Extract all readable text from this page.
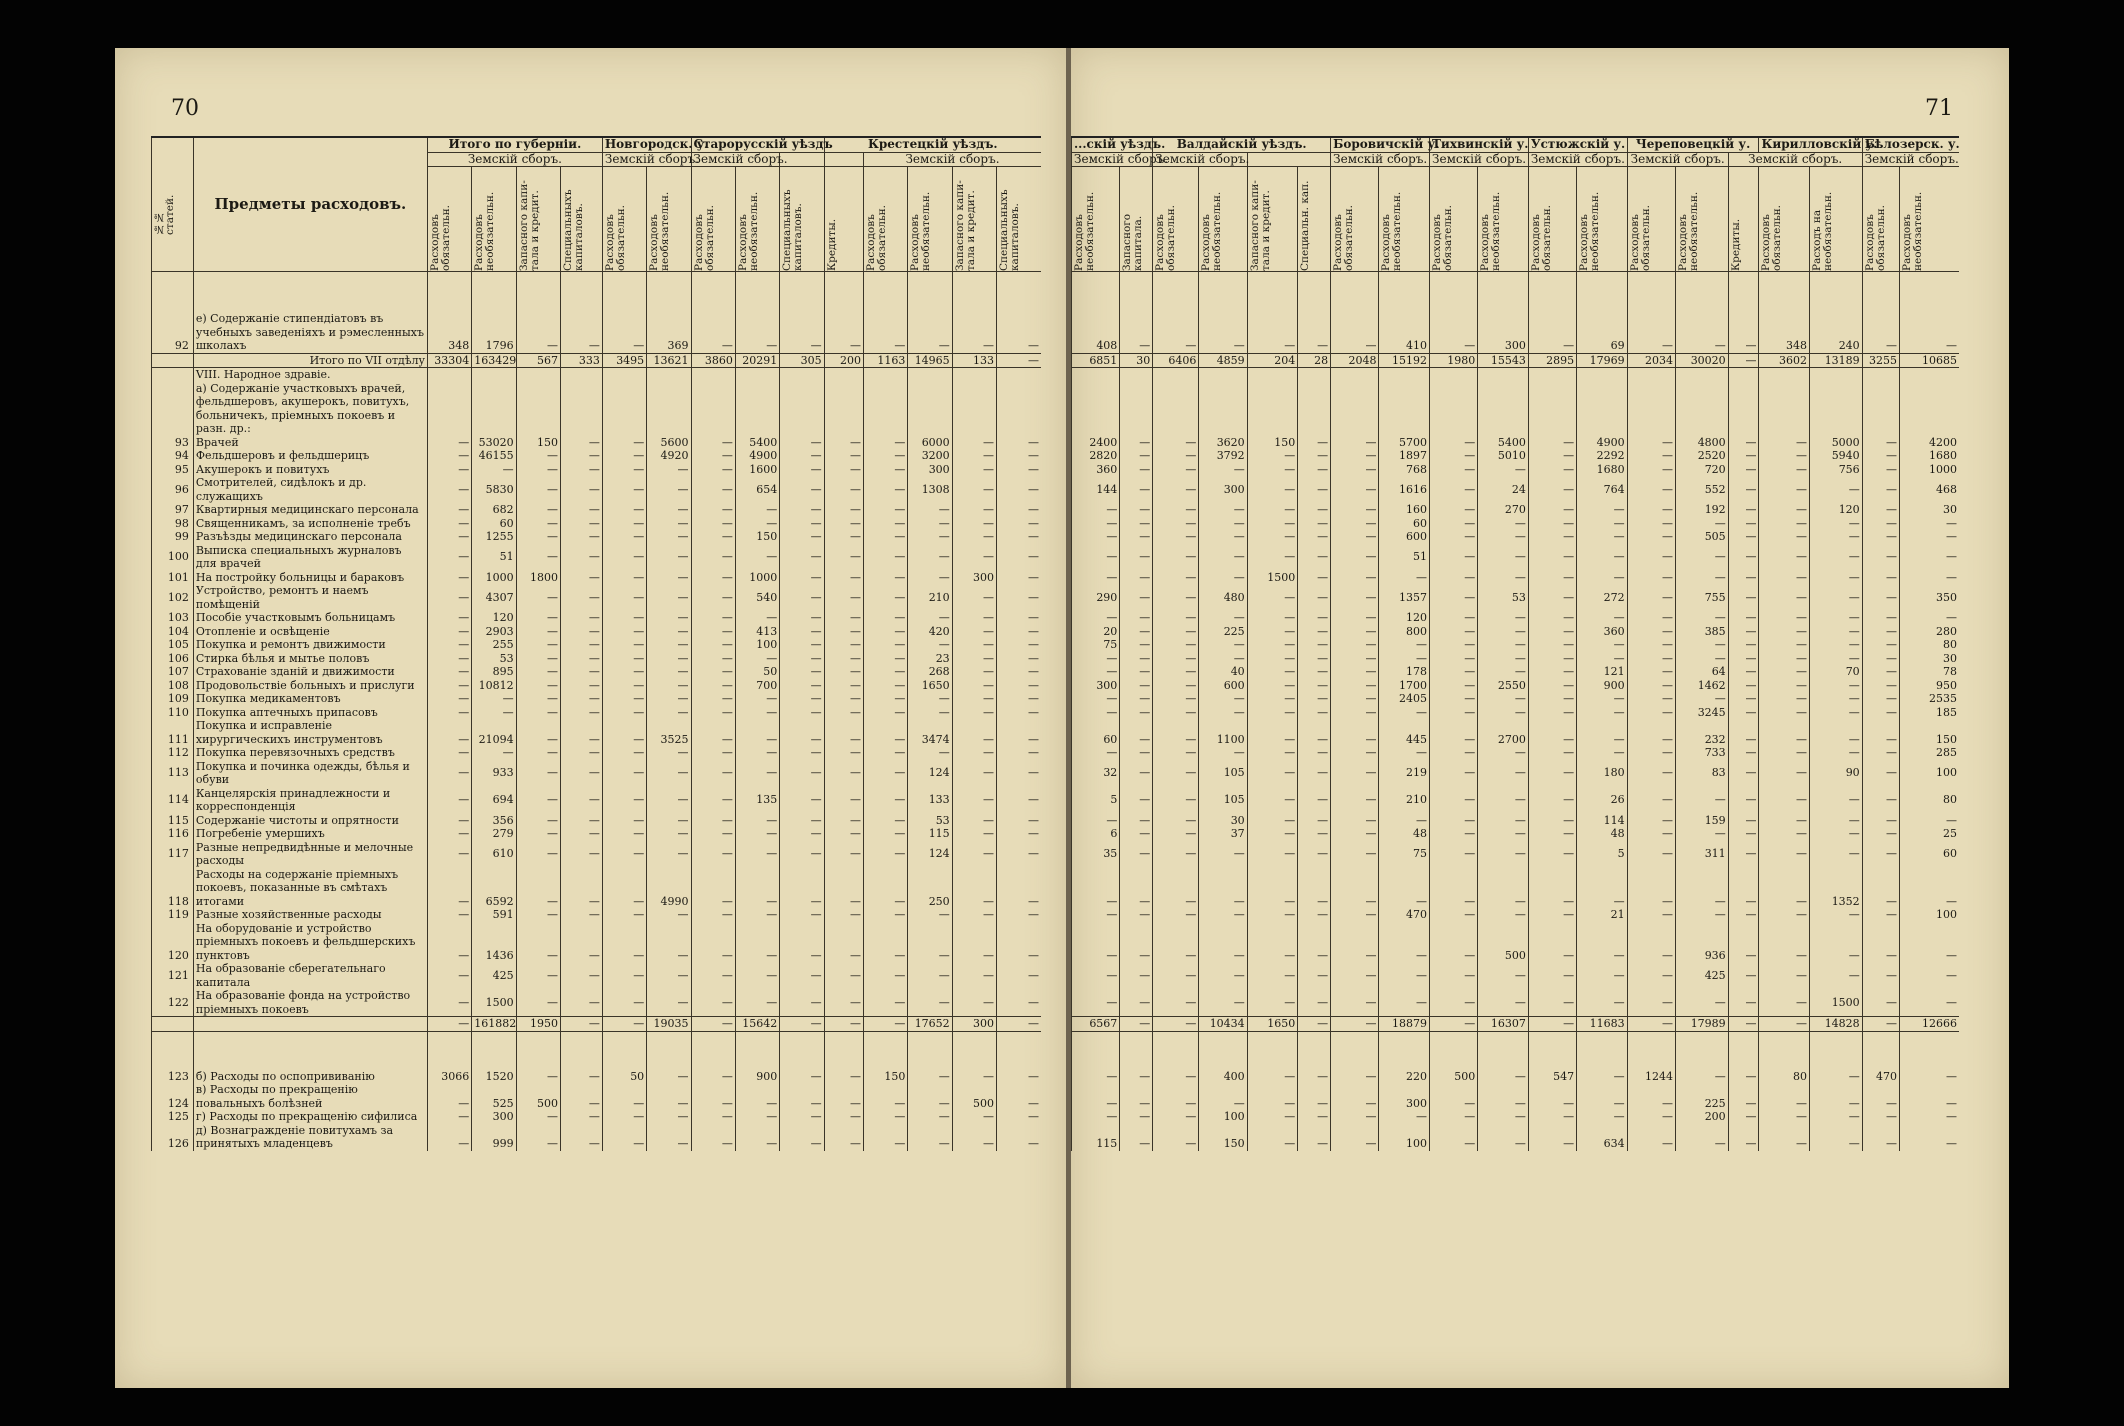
70
№№ статей.	Предметы расходовъ.	Итого по губерніи.				Новгородск. у.		Старорусскій уѣздъ			Крестецкій уѣздъ.				
		Земскій сборъ.				Земскій сборъ.		Земскій сборъ.				Земскій сборъ.			

		Расходовъ обязательн.	Расходовъ необязательн.	Запасного капи-тала и кредит.	Специальныхъ капиталовъ.	Расходовъ обязательн.	Расходовъ необязательн.	Расходовъ обязательн.	Расходовъ необязательн.	Специальныхъ капиталовъ.	Кредиты.	Расходовъ обязательн.	Расходовъ необязательн.	Запасного капи-тала и кредит.	Специальныхъ капиталовъ.

92	е) Содержаніе стипендіатовъ въ учебныхъ заведеніяхъ и рэмесленныхъ школахъ	348	1796	—	—	—	369	—	—	—	—	—	—	—	—
	Итого по VII отдѣлу	33304	163429	567	333	3495	13621	3860	20291	305	200	1163	14965	133	—
	VIII. Народное здравіе.														
	а) Содержаніе участковыхъ врачей, фельдшеровъ, акушерокъ, повитухъ, больничекъ, пріемныхъ покоевъ и разн. др.:														
93	Врачей	—	53020	150	—	—	5600	—	5400	—	—	—	6000	—	—
94	Фельдшеровъ и фельдшерицъ	—	46155	—	—	—	4920	—	4900	—	—	—	3200	—	—
95	Акушерокъ и повитухъ	—	—	—	—	—	—	—	1600	—	—	—	300	—	—
96	Смотрителей, сидѣлокъ и др. служащихъ	—	5830	—	—	—	—	—	654	—	—	—	1308	—	—
97	Квартирныя медицинскаго персонала	—	682	—	—	—	—	—	—	—	—	—	—	—	—
98	Священникамъ, за исполненіе требъ	—	60	—	—	—	—	—	—	—	—	—	—	—	—
99	Разъѣзды медицинскаго персонала	—	1255	—	—	—	—	—	150	—	—	—	—	—	—
100	Выписка специальныхъ журналовъ для врачей	—	51	—	—	—	—	—	—	—	—	—	—	—	—
101	На постройку больницы и бараковъ	—	1000	1800	—	—	—	—	1000	—	—	—	—	300	—
102	Устройство, ремонтъ и наемъ помѣщеній	—	4307	—	—	—	—	—	540	—	—	—	210	—	—
103	Пособіе участковымъ больницамъ	—	120	—	—	—	—	—	—	—	—	—	—	—	—
104	Отопленіе и освѣщеніе	—	2903	—	—	—	—	—	413	—	—	—	420	—	—
105	Покупка и ремонтъ движимости	—	255	—	—	—	—	—	100	—	—	—	—	—	—
106	Стирка бѣлья и мытье половъ	—	53	—	—	—	—	—	—	—	—	—	23	—	—
107	Страхованіе зданій и движимости	—	895	—	—	—	—	—	50	—	—	—	268	—	—
108	Продовольствіе больныхъ и прислуги	—	10812	—	—	—	—	—	700	—	—	—	1650	—	—
109	Покупка медикаментовъ	—	—	—	—	—	—	—	—	—	—	—	—	—	—
110	Покупка аптечныхъ припасовъ	—	—	—	—	—	—	—	—	—	—	—	—	—	—
111	Покупка и исправленіе хирургическихъ инструментовъ	—	21094	—	—	—	3525	—	—	—	—	—	3474	—	—
112	Покупка перевязочныхъ средствъ	—	—	—	—	—	—	—	—	—	—	—	—	—	—
113	Покупка и починка одежды, бѣлья и обуви	—	933	—	—	—	—	—	—	—	—	—	124	—	—
114	Канцелярскія принадлежности и корреспонденція	—	694	—	—	—	—	—	135	—	—	—	133	—	—
115	Содержаніе чистоты и опрятности	—	356	—	—	—	—	—	—	—	—	—	53	—	—
116	Погребеніе умершихъ	—	279	—	—	—	—	—	—	—	—	—	115	—	—
117	Разные непредвидѣнные и мелочные расходы	—	610	—	—	—	—	—	—	—	—	—	124	—	—
118	Расходы на содержаніе пріемныхъ покоевъ, показанные въ смѣтахъ итогами	—	6592	—	—	—	4990	—	—	—	—	—	250	—	—
119	Разные хозяйственные расходы	—	591	—	—	—	—	—	—	—	—	—	—	—	—
120	На оборудованіе и устройство пріемныхъ покоевъ и фельдшерскихъ пунктовъ	—	1436	—	—	—	—	—	—	—	—	—	—	—	—
121	На образованіе сберегательнаго капитала	—	425	—	—	—	—	—	—	—	—	—	—	—	—
122	На образованіе фонда на устройство пріемныхъ покоевъ	—	1500	—	—	—	—	—	—	—	—	—	—	—	—
		—	161882	1950	—	—	19035	—	15642	—	—	—	17652	300	—
123	б) Расходы по оспопрививанію	3066	1520	—	—	50	—	—	900	—	—	150	—	—	—
124	в) Расходы по прекращенію повальныхъ болѣзней	—	525	500	—	—	—	—	—	—	—	—	—	500	—
125	г) Расходы по прекращенію сифилиса	—	300	—	—	—	—	—	—	—	—	—	—	—	—
126	д) Вознагражденіе повитухамъ за принятыхъ младенцевъ	—	999	—	—	—	—	—	—	—	—	—	—	—	—
71
...скій уѣздъ.		Валдайскій уѣздъ.				Боровичскій у.		Тихвинскій у.		Устюжскій у.		Череповецкій у.			Кирилловскій у.		Бѣлозерск. у.	
Земскій сборъ.		Земскій сборъ.				Земскій сборъ.		Земскій сборъ.		Земскій сборъ.		Земскій сборъ.		Земскій сборъ.			Земскій сборъ.	

Расходовъ необязательн.	Запасного капитала.	Расходовъ обязательн.	Расходовъ необязательн.	Запасного капи-тала и кредит.	Специальн. кап.	Расходовъ обязательн.	Расходовъ необязательн.	Расходовъ обязательн.	Расходовъ необязательн.	Расходовъ обязательн.	Расходовъ необязательн.	Расходовъ обязательн.	Расходовъ необязательн.	Кредиты.	Расходовъ обязательн.	Расходъ на необязательн.	Расходовъ обязательн.	Расходовъ необязательн.

408	—	—	—	—	—	—	410	—	300	—	69	—	—	—	348	240	—	—
6851	30	6406	4859	204	28	2048	15192	1980	15543	2895	17969	2034	30020	—	3602	13189	3255	10685

2400	—	—	3620	150	—	—	5700	—	5400	—	4900	—	4800	—	—	5000	—	4200
2820	—	—	3792	—	—	—	1897	—	5010	—	2292	—	2520	—	—	5940	—	1680
360	—	—	—	—	—	—	768	—	—	—	1680	—	720	—	—	756	—	1000
144	—	—	300	—	—	—	1616	—	24	—	764	—	552	—	—	—	—	468
—	—	—	—	—	—	—	160	—	270	—	—	—	192	—	—	120	—	30
—	—	—	—	—	—	—	60	—	—	—	—	—	—	—	—	—	—	—
—	—	—	—	—	—	—	600	—	—	—	—	—	505	—	—	—	—	—
—	—	—	—	—	—	—	51	—	—	—	—	—	—	—	—	—	—	—
—	—	—	—	1500	—	—	—	—	—	—	—	—	—	—	—	—	—	—
290	—	—	480	—	—	—	1357	—	53	—	272	—	755	—	—	—	—	350
—	—	—	—	—	—	—	120	—	—	—	—	—	—	—	—	—	—	—
20	—	—	225	—	—	—	800	—	—	—	360	—	385	—	—	—	—	280
75	—	—	—	—	—	—	—	—	—	—	—	—	—	—	—	—	—	80
—	—	—	—	—	—	—	—	—	—	—	—	—	—	—	—	—	—	30
—	—	—	40	—	—	—	178	—	—	—	121	—	64	—	—	70	—	78
300	—	—	600	—	—	—	1700	—	2550	—	900	—	1462	—	—	—	—	950
—	—	—	—	—	—	—	2405	—	—	—	—	—	—	—	—	—	—	2535
—	—	—	—	—	—	—	—	—	—	—	—	—	3245	—	—	—	—	185
60	—	—	1100	—	—	—	445	—	2700	—	—	—	232	—	—	—	—	150
—	—	—	—	—	—	—	—	—	—	—	—	—	733	—	—	—	—	285
32	—	—	105	—	—	—	219	—	—	—	180	—	83	—	—	90	—	100
5	—	—	105	—	—	—	210	—	—	—	26	—	—	—	—	—	—	80
—	—	—	30	—	—	—	—	—	—	—	114	—	159	—	—	—	—	—
6	—	—	37	—	—	—	48	—	—	—	48	—	—	—	—	—	—	25
35	—	—	—	—	—	—	75	—	—	—	5	—	311	—	—	—	—	60
—	—	—	—	—	—	—	—	—	—	—	—	—	—	—	—	1352	—	—
—	—	—	—	—	—	—	470	—	—	—	21	—	—	—	—	—	—	100
—	—	—	—	—	—	—	—	—	500	—	—	—	936	—	—	—	—	—
—	—	—	—	—	—	—	—	—	—	—	—	—	425	—	—	—	—	—
—	—	—	—	—	—	—	—	—	—	—	—	—	—	—	—	1500	—	—
6567	—	—	10434	1650	—	—	18879	—	16307	—	11683	—	17989	—	—	14828	—	12666
—	—	—	400	—	—	—	220	500	—	547	—	1244	—	—	80	—	470	—
—	—	—	—	—	—	—	300	—	—	—	—	—	225	—	—	—	—	—
—	—	—	100	—	—	—	—	—	—	—	—	—	200	—	—	—	—	—
115	—	—	150	—	—	—	100	—	—	—	634	—	—	—	—	—	—	—
